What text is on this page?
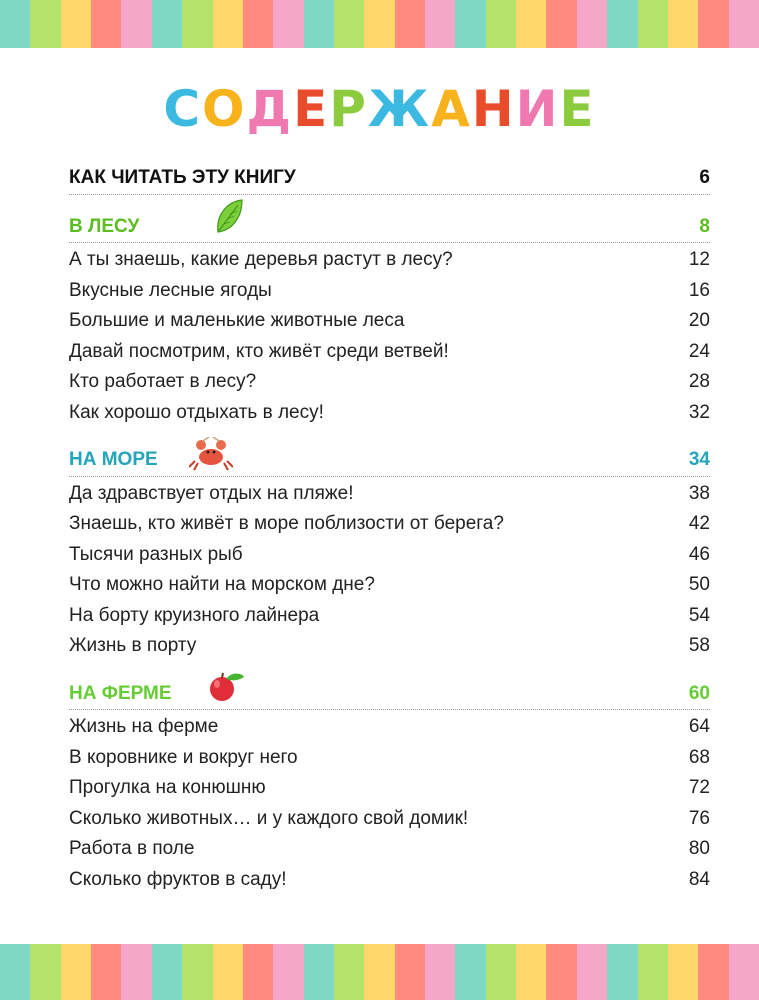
СОДЕРЖАНИЕ
КАК ЧИТАТЬ ЭТУ КНИГУ	6
В ЛЕСУ	8
А ты знаешь, какие деревья растут в лесу?	12
Вкусные лесные ягоды	16
Большие и маленькие животные леса	20
Давай посмотрим, кто живёт среди ветвей!	24
Кто работает в лесу?	28
Как хорошо отдыхать в лесу!	32
НА МОРЕ	34
Да здравствует отдых на пляже!	38
Знаешь, кто живёт в море поблизости от берега?	42
Тысячи разных рыб	46
Что можно найти на морском дне?	50
На борту круизного лайнера	54
Жизнь в порту	58
НА ФЕРМЕ	60
Жизнь на ферме	64
В коровнике и вокруг него	68
Прогулка на конюшню	72
Сколько животных… и у каждого свой домик!	76
Работа в поле	80
Сколько фруктов в саду!	84
